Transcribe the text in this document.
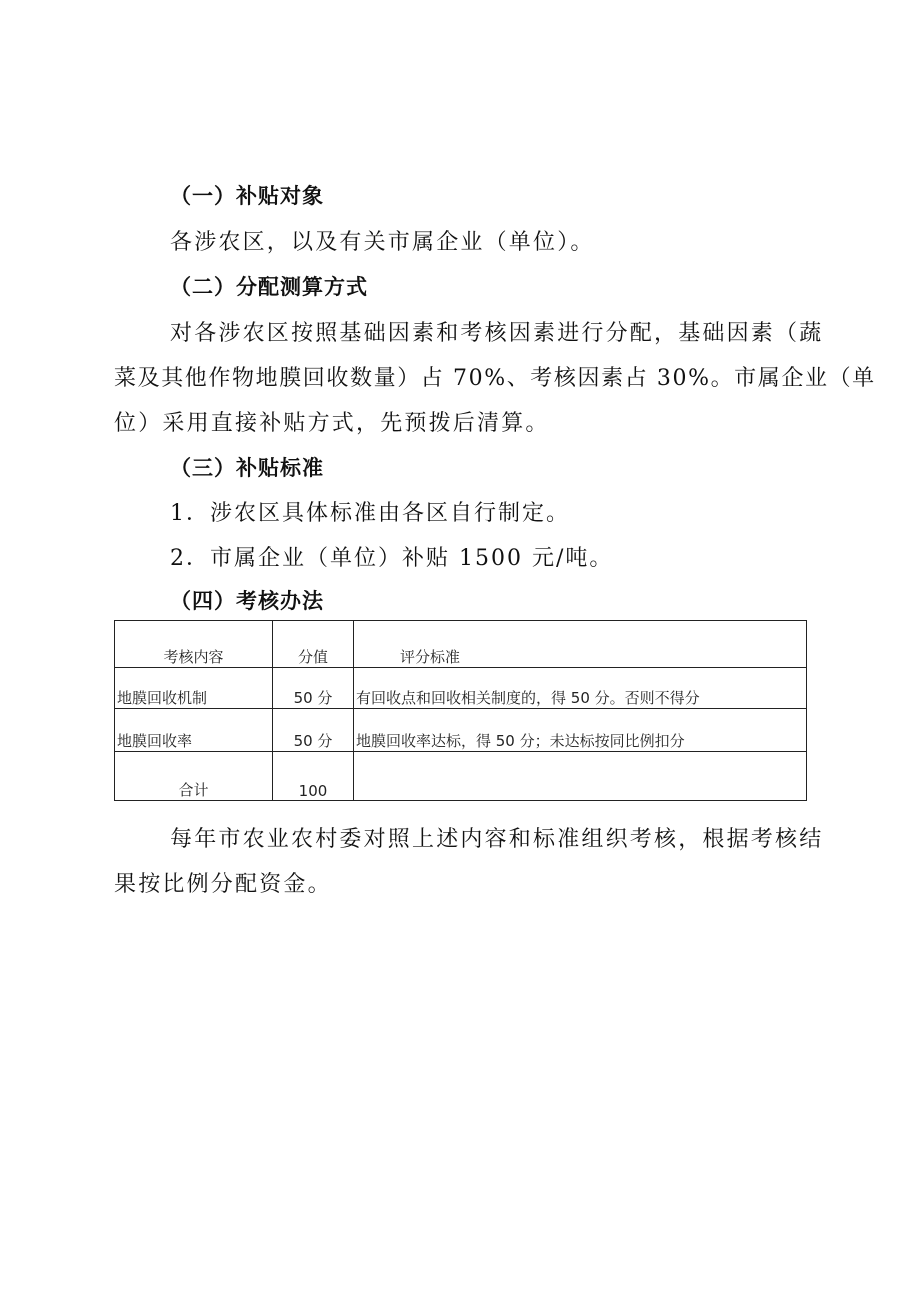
（一）补贴对象
各涉农区，以及有关市属企业（单位）。
（二）分配测算方式
对各涉农区按照基础因素和考核因素进行分配，基础因素（蔬
菜及其他作物地膜回收数量）占 70%、考核因素占 30%。市属企业（单
位）采用直接补贴方式，先预拨后清算。
（三）补贴标准
1．涉农区具体标准由各区自行制定。
2．市属企业（单位）补贴 1500 元/吨。
（四）考核办法
考核内容	分值	评分标准
地膜回收机制	50 分	有回收点和回收相关制度的，得 50 分。否则不得分
地膜回收率	50 分	地膜回收率达标，得 50 分；未达标按同比例扣分
合计	100	
每年市农业农村委对照上述内容和标准组织考核，根据考核结
果按比例分配资金。
